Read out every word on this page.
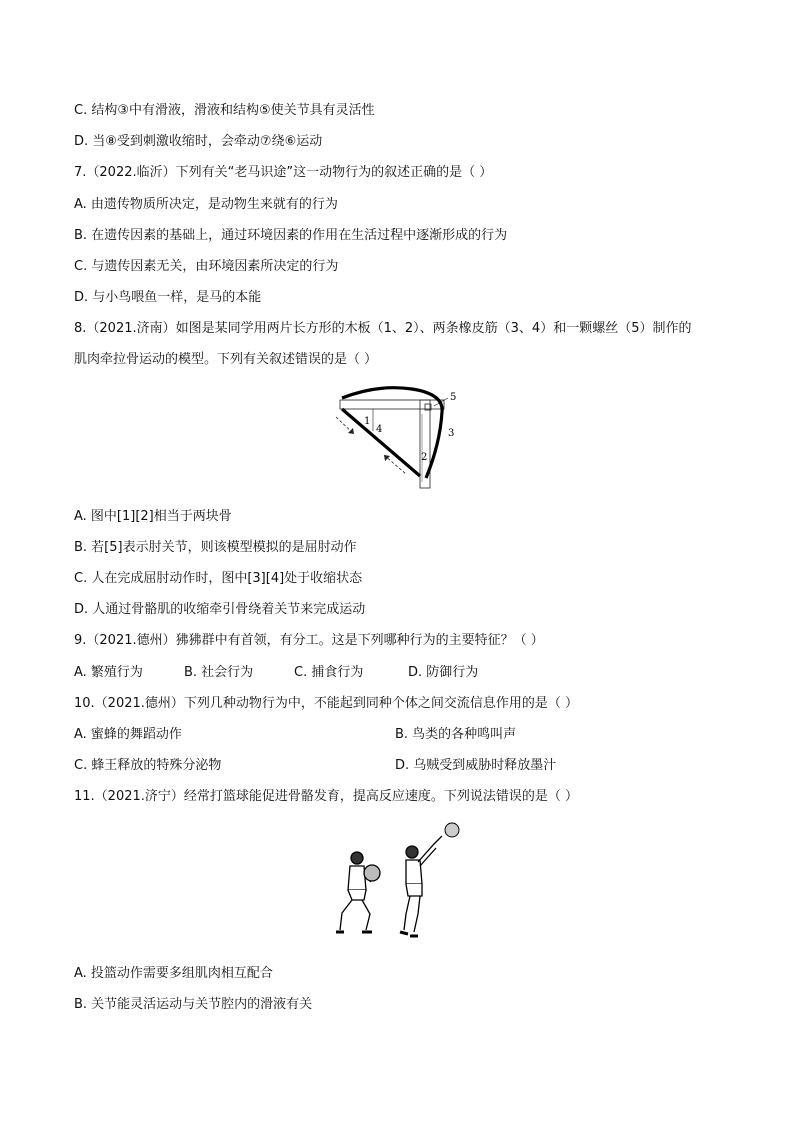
C. 结构③中有滑液，滑液和结构⑤使关节具有灵活性
D. 当⑧受到刺激收缩时，会牵动⑦绕⑥运动
7.（2022.临沂）下列有关“老马识途”这一动物行为的叙述正确的是（ ）
A. 由遗传物质所决定，是动物生来就有的行为
B. 在遗传因素的基础上，通过环境因素的作用在生活过程中逐渐形成的行为
C. 与遗传因素无关，由环境因素所决定的行为
D. 与小鸟喂鱼一样，是马的本能
8.（2021.济南）如图是某同学用两片长方形的木板（1、2）、两条橡皮筋（3、4）和一颗螺丝（5）制作的
肌肉牵拉骨运动的模型。下列有关叙述错误的是（ ）
1
2
3
4
5
A. 图中[1][2]相当于两块骨
B. 若[5]表示肘关节，则该模型模拟的是屈肘动作
C. 人在完成屈肘动作时，图中[3][4]处于收缩状态
D. 人通过骨骼肌的收缩牵引骨绕着关节来完成运动
9.（2021.德州）狒狒群中有首领，有分工。这是下列哪种行为的主要特征？（ ）
A. 繁殖行为	B. 社会行为	C. 捕食行为	D. 防御行为
10.（2021.德州）下列几种动物行为中，不能起到同种个体之间交流信息作用的是（ ）
A. 蜜蜂的舞蹈动作	B. 鸟类的各种鸣叫声
C. 蜂王释放的特殊分泌物	D. 乌贼受到威胁时释放墨汁
11.（2021.济宁）经常打篮球能促进骨骼发育，提高反应速度。下列说法错误的是（ ）
A. 投篮动作需要多组肌肉相互配合
B. 关节能灵活运动与关节腔内的滑液有关
